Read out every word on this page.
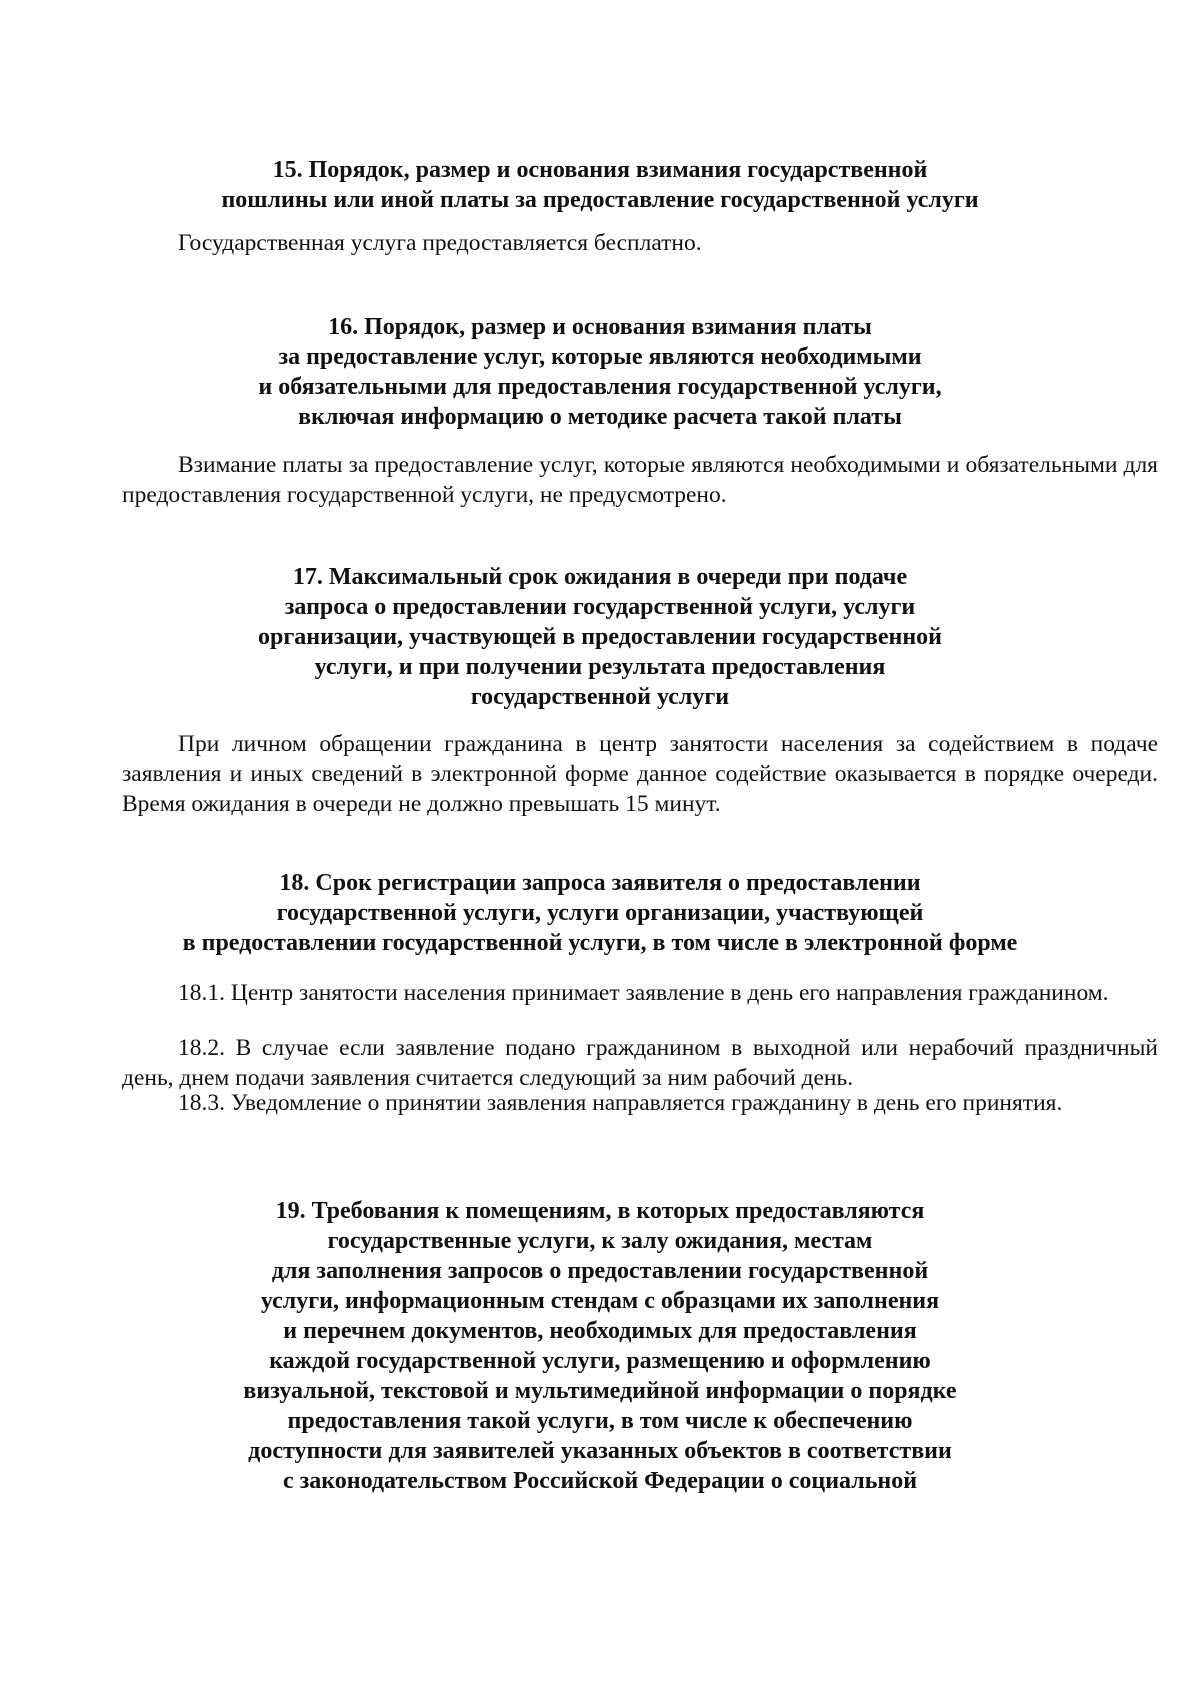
15. Порядок, размер и основания взимания государственной
пошлины или иной платы за предоставление государственной услуги
Государственная услуга предоставляется бесплатно.
16. Порядок, размер и основания взимания платы
за предоставление услуг, которые являются необходимыми
и обязательными для предоставления государственной услуги,
включая информацию о методике расчета такой платы
Взимание платы за предоставление услуг, которые являются необходимыми и обязательными для предоставления государственной услуги, не предусмотрено.
17. Максимальный срок ожидания в очереди при подаче
запроса о предоставлении государственной услуги, услуги
организации, участвующей в предоставлении государственной
услуги, и при получении результата предоставления
государственной услуги
При личном обращении гражданина в центр занятости населения за содействием в подаче заявления и иных сведений в электронной форме данное содействие оказывается в порядке очереди. Время ожидания в очереди не должно превышать 15 минут.
18. Срок регистрации запроса заявителя о предоставлении
государственной услуги, услуги организации, участвующей
в предоставлении государственной услуги, в том числе в электронной форме
18.1. Центр занятости населения принимает заявление в день его направления гражданином.
18.2. В случае если заявление подано гражданином в выходной или нерабочий праздничный день, днем подачи заявления считается следующий за ним рабочий день.
18.3. Уведомление о принятии заявления направляется гражданину в день его принятия.
19. Требования к помещениям, в которых предоставляются
государственные услуги, к залу ожидания, местам
для заполнения запросов о предоставлении государственной
услуги, информационным стендам с образцами их заполнения
и перечнем документов, необходимых для предоставления
каждой государственной услуги, размещению и оформлению
визуальной, текстовой и мультимедийной информации о порядке
предоставления такой услуги, в том числе к обеспечению
доступности для заявителей указанных объектов в соответствии
с законодательством Российской Федерации о социальной
